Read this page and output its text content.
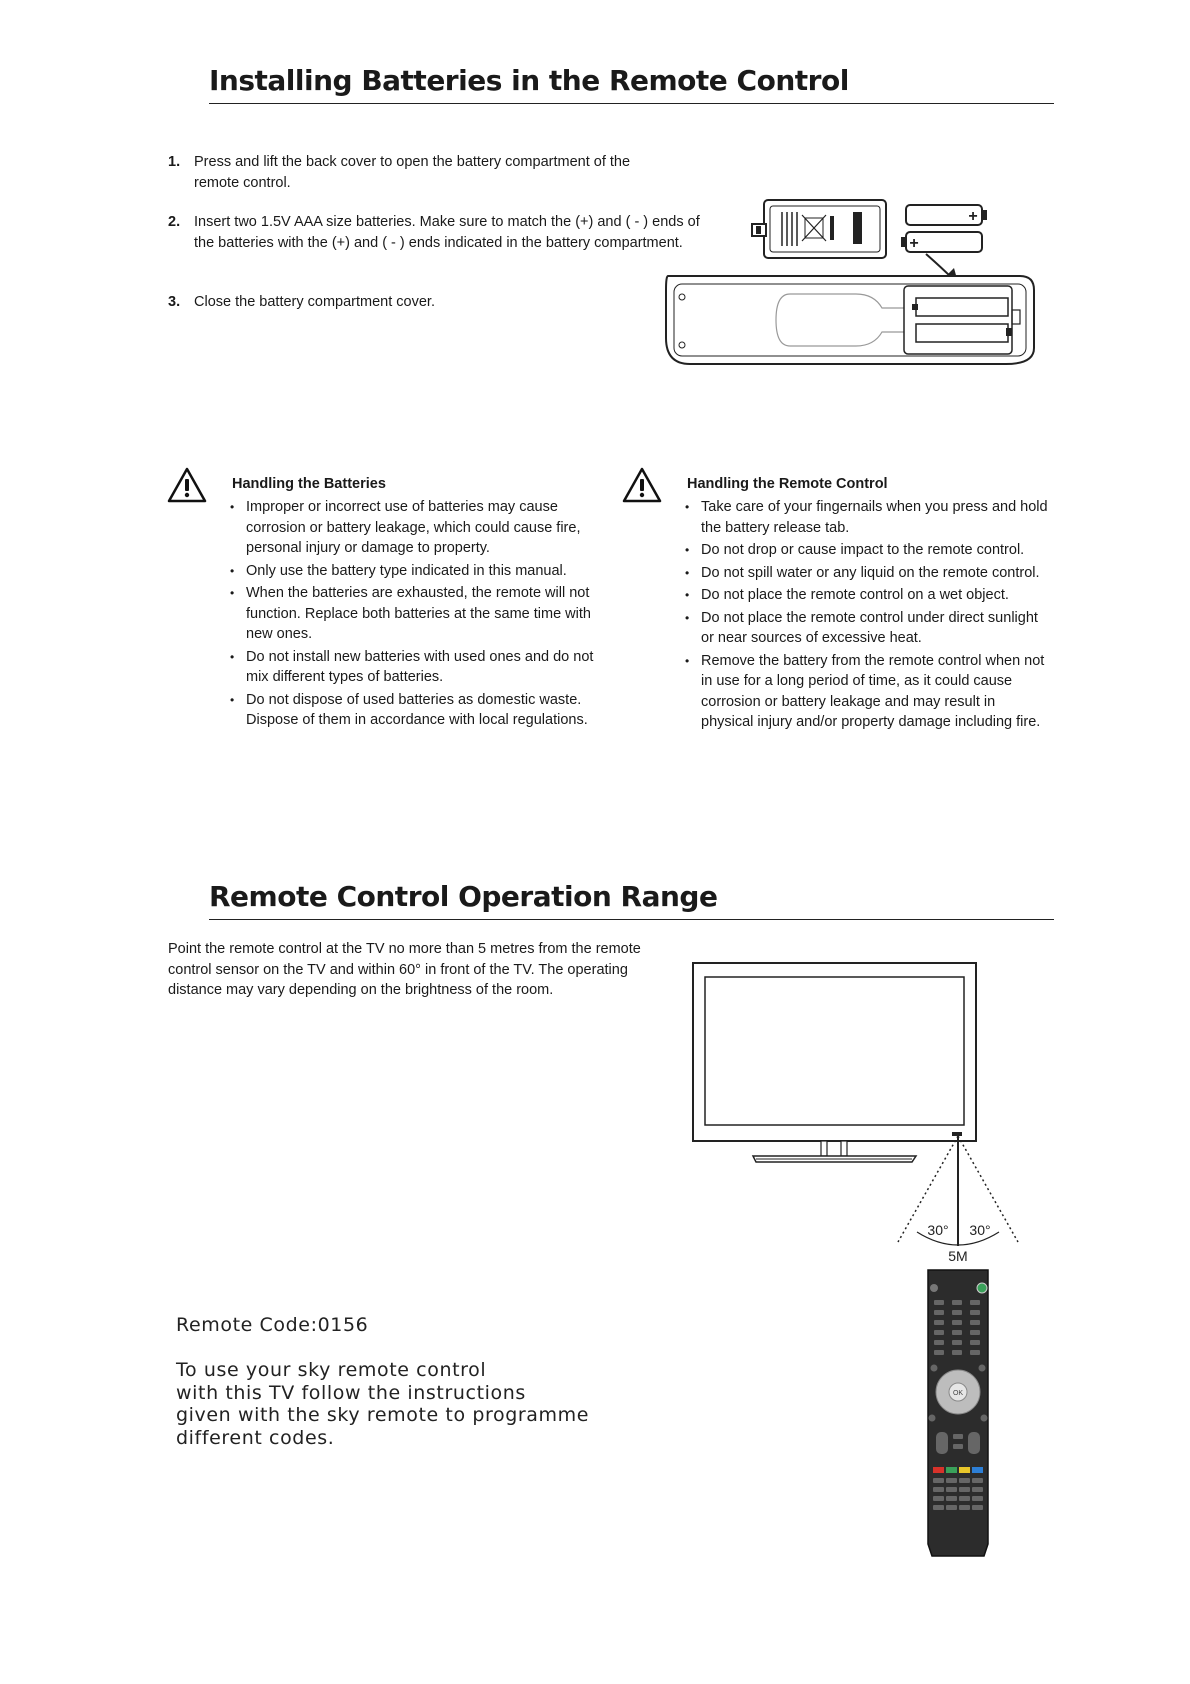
Installing Batteries in the Remote Control
1. Press and lift the back cover to open the battery compartment of the remote control.
2. Insert two 1.5V AAA size batteries. Make sure to match the (+) and ( - ) ends of the batteries with the (+) and ( - ) ends indicated in the battery compartment.
3. Close the battery compartment cover.
+
+
Handling the Batteries
• Improper or incorrect use of batteries may cause corrosion or battery leakage, which could cause fire, personal injury or damage to property.
• Only use the battery type indicated in this manual.
• When the batteries are exhausted, the remote will not function. Replace both batteries at the same time with new ones.
• Do not install new batteries with used ones and do not mix different types of batteries.
• Do not dispose of used batteries as domestic waste. Dispose of them in accordance with local regulations.
Handling the Remote Control
• Take care of your fingernails when you press and hold the battery release tab.
• Do not drop or cause impact to the remote control.
• Do not spill water or any liquid on the remote control.
• Do not place the remote control on a wet object.
• Do not place the remote control under direct sunlight or near sources of excessive heat.
• Remove the battery from the remote control when not in use for a long period of time, as it could cause corrosion or battery leakage and may result in physical injury and/or property damage including fire.
Remote Control Operation Range
Point the remote control at the TV no more than 5 metres from the remote control sensor on the TV and within 60° in front of the TV. The operating distance may vary depending on the brightness of the room.
30° 30°
5M
Remote Code:0156
To use your sky remote control
with this TV follow the instructions
given with the sky remote to programme
different codes.
OK
